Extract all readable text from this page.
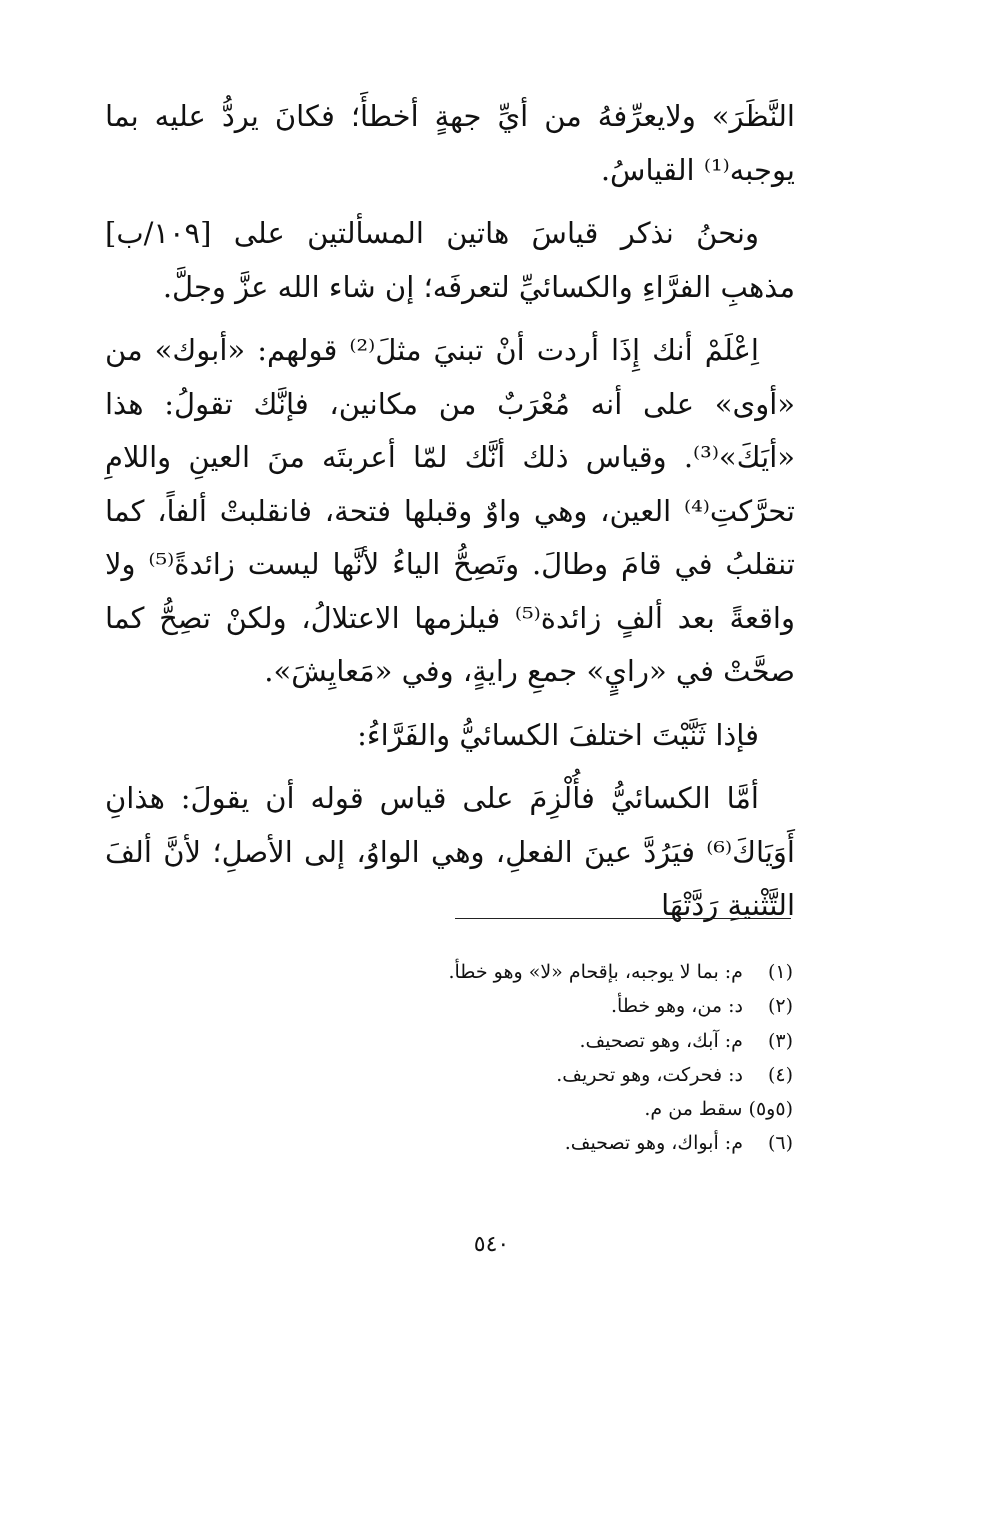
النَّظَرَ» ولايعرِّفهُ من أيِّ جهةٍ أخطأَ؛ فكانَ يردُّ عليه بما يوجبه⁽¹⁾ القياسُ.

ونحنُ نذكر قياسَ هاتين المسألتين على [١٠٩/ب] مذهبِ الفرَّاءِ والكسائيِّ لتعرفَه؛ إن شاء الله عزَّ وجلَّ.

اِعْلَمْ أنك إِذَا أردت أنْ تبنيَ مثلَ⁽²⁾ قولهم: «أبوك» من «أوى» على أنه مُعْرَبٌ من مكانين، فإنَّك تقولُ: هذا «أيَكَ»⁽³⁾. وقياس ذلك أنَّك لمّا أعربتَه منَ العينِ واللامِ تحرَّكتِ⁽⁴⁾ العين، وهي واوٌ وقبلها فتحة، فانقلبتْ ألفاً، كما تنقلبُ في قامَ وطالَ. وتَصِحُّ الياءُ لأنَّها ليست زائدةً⁽⁵⁾ ولا واقعةً بعد ألفٍ زائدة⁽⁵⁾ فيلزمها الاعتلالُ، ولكنْ تصِحُّ كما صحَّتْ في «رايٍ» جمعِ رايةٍ، وفي «مَعايِشَ».

فإذا ثَنَّيْتَ اختلفَ الكسائيُّ والفَرَّاءُ:

أمَّا الكسائيُّ فأُلْزِمَ على قياس قوله أن يقولَ: هذانِ أَوَيَاكَ⁽⁶⁾ فيَرُدَّ عينَ الفعلِ، وهي الواوُ، إلى الأصلِ؛ لأنَّ ألفَ التَّثْنيةِ رَدَّتْهَا

(١) م: بما لا يوجبه، بإقحام «لا» وهو خطأ.

(٢) د: من، وهو خطأ.

(٣) م: آبك، وهو تصحيف.

(٤) د: فحركت، وهو تحريف.

(٥و٥) سقط من م.

(٦) م: أبواك، وهو تصحيف.

٥٤٠
